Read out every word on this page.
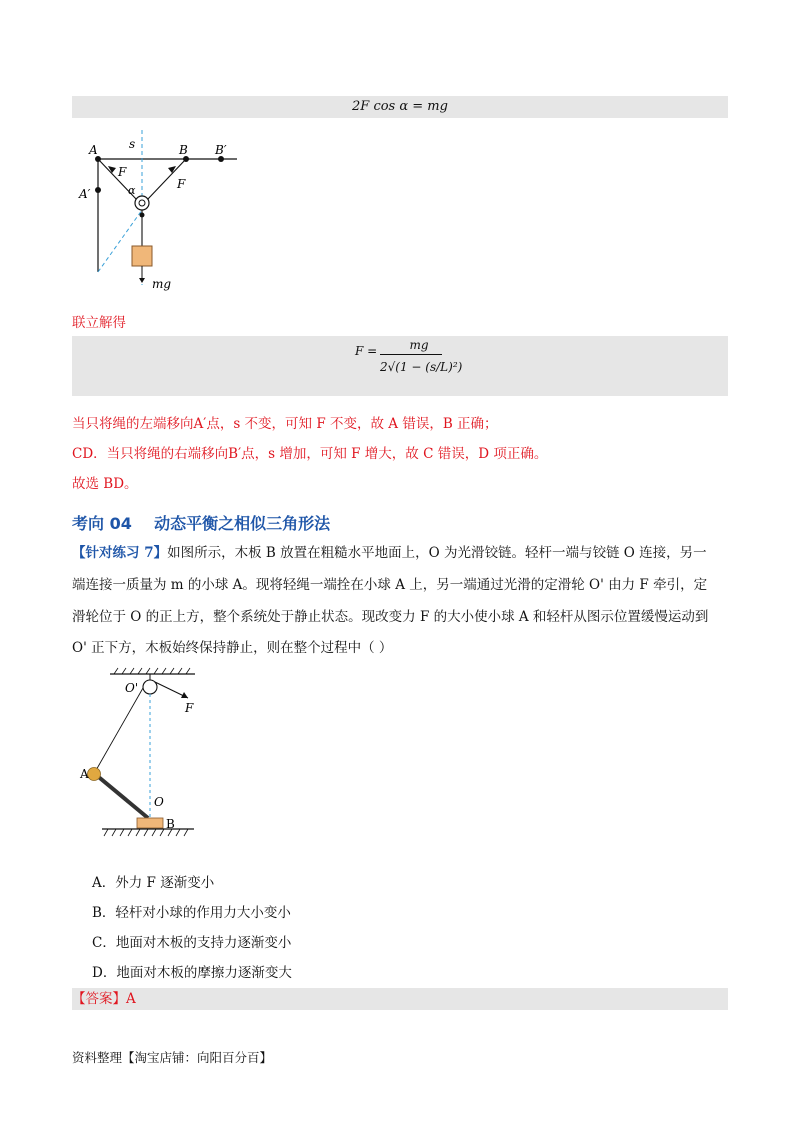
2F cos α = mg
A	B B′
A′
s
F
F
α
mg
联立解得
F =	mg
2√(1 − (s/L)²)
当只将绳的左端移向A′点，s 不变，可知 F 不变，故 A 错误，B 正确；
CD．当只将绳的右端移向B′点，s 增加，可知 F 增大，故 C 错误，D 项正确。
故选 BD。
考向 04    动态平衡之相似三角形法
【针对练习 7】如图所示，木板 B 放置在粗糙水平地面上，O 为光滑铰链。轻杆一端与铰链 O 连接，另一
端连接一质量为 m 的小球 A。现将轻绳一端拴在小球 A 上，另一端通过光滑的定滑轮 O' 由力 F 牵引，定
滑轮位于 O 的正上方，整个系统处于静止状态。现改变力 F 的大小使小球 A 和轻杆从图示位置缓慢运动到
O' 正下方，木板始终保持静止，则在整个过程中（ ）
O'
F
A
O
B
A．外力 F 逐渐变小
B．轻杆对小球的作用力大小变小
C．地面对木板的支持力逐渐变小
D．地面对木板的摩擦力逐渐变大
【答案】A
资料整理【淘宝店铺：向阳百分百】
